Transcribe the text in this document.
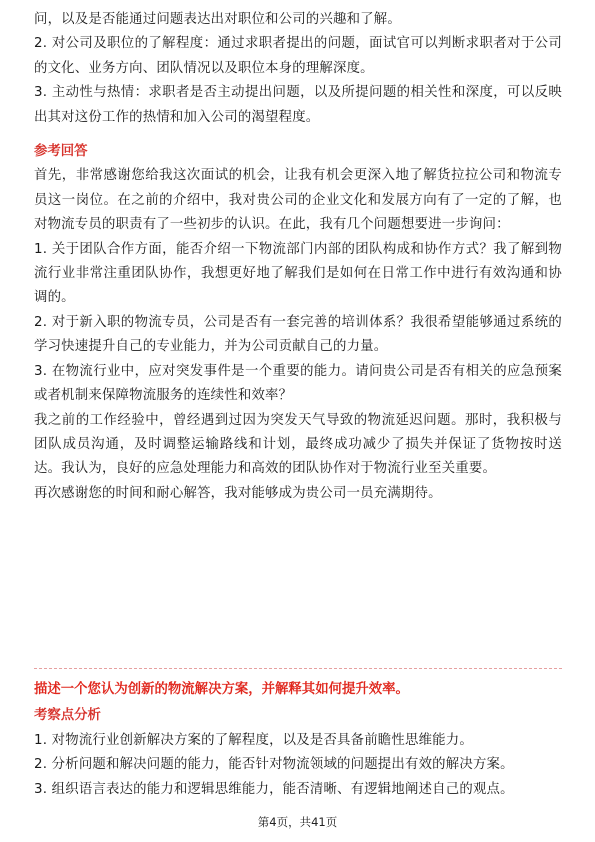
问，以及是否能通过问题表达出对职位和公司的兴趣和了解。

2. 对公司及职位的了解程度：通过求职者提出的问题，面试官可以判断求职者对于公司的文化、业务方向、团队情况以及职位本身的理解深度。

3. 主动性与热情：求职者是否主动提出问题，以及所提问题的相关性和深度，可以反映出其对这份工作的热情和加入公司的渴望程度。

参考回答

首先，非常感谢您给我这次面试的机会，让我有机会更深入地了解货拉拉公司和物流专员这一岗位。在之前的介绍中，我对贵公司的企业文化和发展方向有了一定的了解，也对物流专员的职责有了一些初步的认识。在此，我有几个问题想要进一步询问：

1. 关于团队合作方面，能否介绍一下物流部门内部的团队构成和协作方式？我了解到物流行业非常注重团队协作，我想更好地了解我们是如何在日常工作中进行有效沟通和协调的。

2. 对于新入职的物流专员，公司是否有一套完善的培训体系？我很希望能够通过系统的学习快速提升自己的专业能力，并为公司贡献自己的力量。

3. 在物流行业中，应对突发事件是一个重要的能力。请问贵公司是否有相关的应急预案或者机制来保障物流服务的连续性和效率？

我之前的工作经验中，曾经遇到过因为突发天气导致的物流延迟问题。那时，我积极与团队成员沟通，及时调整运输路线和计划，最终成功减少了损失并保证了货物按时送达。我认为，良好的应急处理能力和高效的团队协作对于物流行业至关重要。

再次感谢您的时间和耐心解答，我对能够成为贵公司一员充满期待。

描述一个您认为创新的物流解决方案，并解释其如何提升效率。

考察点分析

1. 对物流行业创新解决方案的了解程度，以及是否具备前瞻性思维能力。

2. 分析问题和解决问题的能力，能否针对物流领域的问题提出有效的解决方案。

3. 组织语言表达的能力和逻辑思维能力，能否清晰、有逻辑地阐述自己的观点。

第4页，共41页
